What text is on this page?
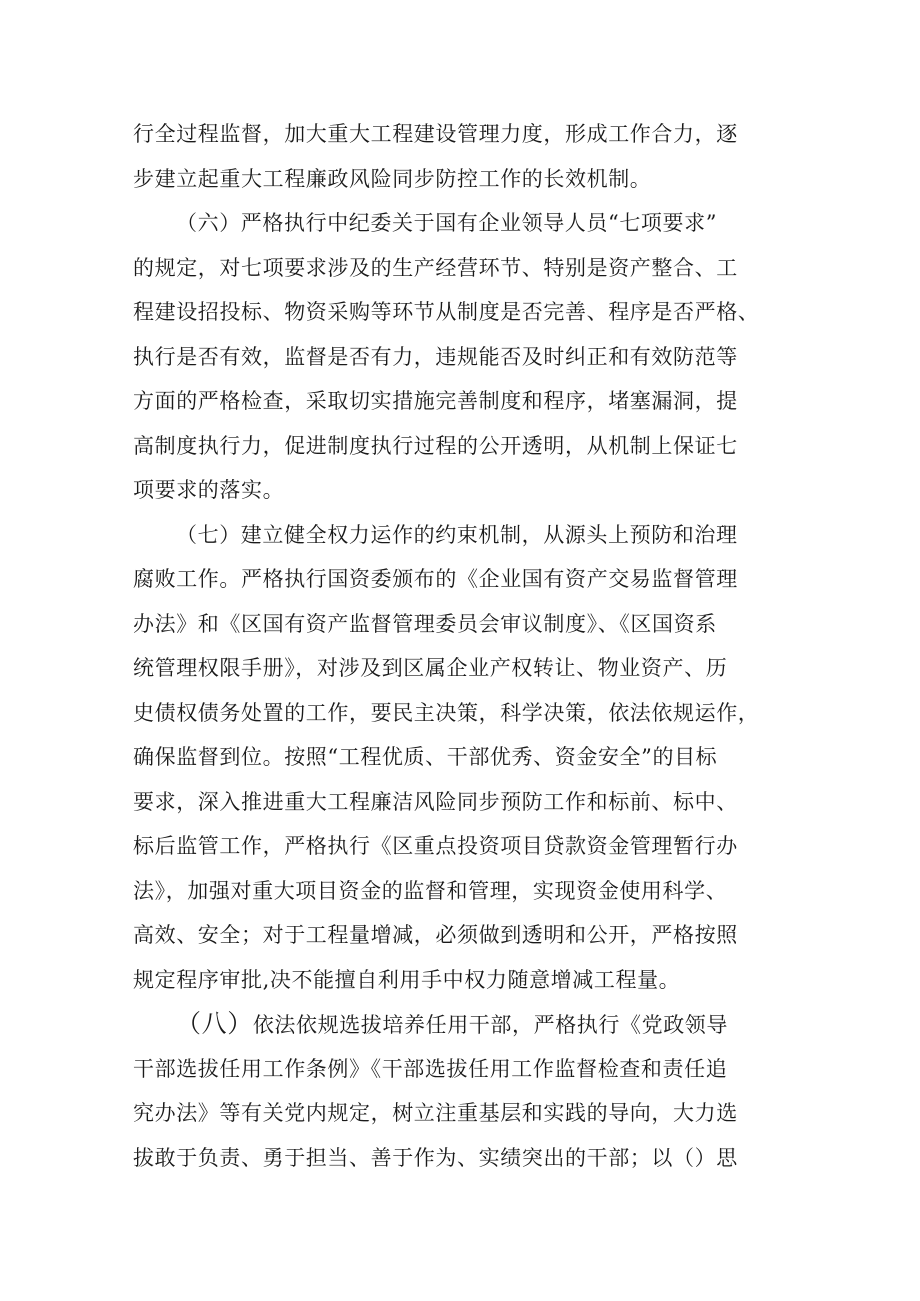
行全过程监督，加大重大工程建设管理力度，形成工作合力，逐
步建立起重大工程廉政风险同步防控工作的长效机制。
（六）严格执行中纪委关于国有企业领导人员“七项要求”
的规定，对七项要求涉及的生产经营环节、特别是资产整合、工
程建设招投标、物资采购等环节从制度是否完善、程序是否严格、
执行是否有效，监督是否有力，违规能否及时纠正和有效防范等
方面的严格检查，采取切实措施完善制度和程序，堵塞漏洞，提
高制度执行力，促进制度执行过程的公开透明，从机制上保证七
项要求的落实。
（七）建立健全权力运作的约束机制，从源头上预防和治理
腐败工作。严格执行国资委颁布的《企业国有资产交易监督管理
办法》和《区国有资产监督管理委员会审议制度》、《区国资系
统管理权限手册》，对涉及到区属企业产权转让、物业资产、历
史债权债务处置的工作，要民主决策，科学决策，依法依规运作，
确保监督到位。按照“工程优质、干部优秀、资金安全”的目标
要求，深入推进重大工程廉洁风险同步预防工作和标前、标中、
标后监管工作，严格执行《区重点投资项目贷款资金管理暂行办
法》，加强对重大项目资金的监督和管理，实现资金使用科学、
高效、安全；对于工程量增减，必须做到透明和公开，严格按照
规定程序审批,决不能擅自利用手中权力随意增减工程量。
（八）依法依规选拔培养任用干部，严格执行《党政领导
干部选拔任用工作条例》《干部选拔任用工作监督检查和责任追
究办法》等有关党内规定，树立注重基层和实践的导向，大力选
拔敢于负责、勇于担当、善于作为、实绩突出的干部；以（）思
